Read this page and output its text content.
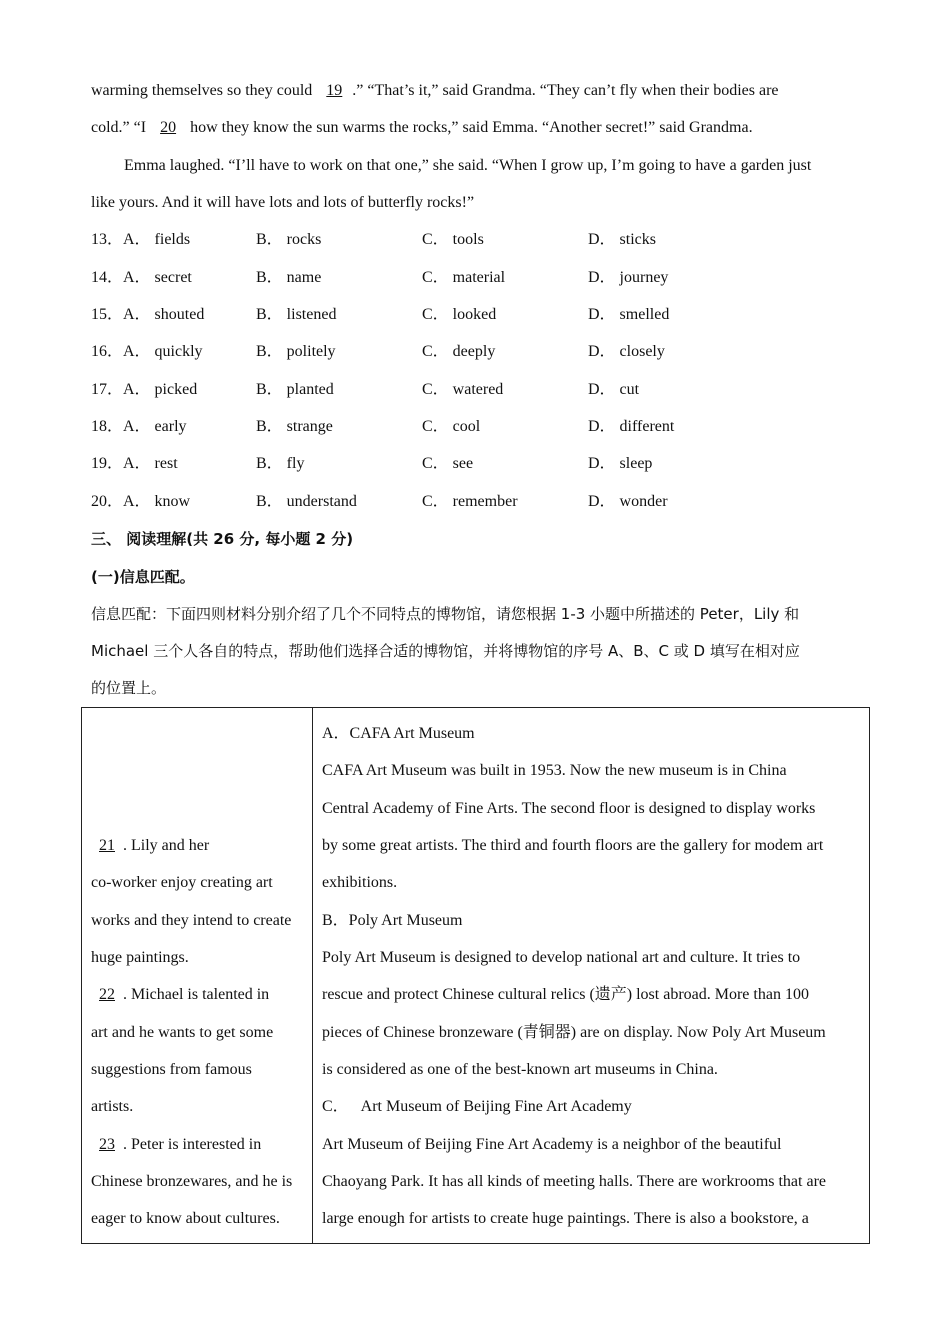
warming themselves so they could 19 .” “That’s it,” said Grandma. “They can’t fly when their bodies are
cold.” “I 20 how they know the sun warms the rocks,” said Emma. “Another secret!” said Grandma.
Emma laughed. “I’ll have to work on that one,” she said. “When I grow up, I’m going to have a garden just
like yours. And it will have lots and lots of butterfly rocks!”
13． A． fields	B． rocks	C． tools	D． sticks
14． A． secret	B． name	C． material	D． journey
15． A． shouted	B． listened	C． looked	D． smelled
16． A． quickly	B． politely	C． deeply	D． closely
17． A． picked	B． planted	C． watered	D． cut
18． A． early	B． strange	C． cool	D． different
19． A． rest	B． fly	C． see	D． sleep
20． A． know	B． understand	C． remember	D． wonder
三、 阅读理解(共 26 分, 每小题 2 分)
(一)信息匹配。
信息匹配：下面四则材料分别介绍了几个不同特点的博物馆，请您根据 1-3 小题中所描述的 Peter，Lily 和
Michael 三个人各自的特点，帮助他们选择合适的博物馆，并将博物馆的序号 A、B、C 或 D 填写在相对应
的位置上。
21 . Lily and her
co-worker enjoy creating art
works and they intend to create
huge paintings.
22 . Michael is talented in
art and he wants to get some
suggestions from famous
artists.
23 . Peter is interested in
Chinese bronzewares, and he is
eager to know about cultures.

A．CAFA Art Museum
CAFA Art Museum was built in 1953. Now the new museum is in China
Central Academy of Fine Arts. The second floor is designed to display works
by some great artists. The third and fourth floors are the gallery for modem art
exhibitions.
B．Poly Art Museum
Poly Art Museum is designed to develop national art and culture. It tries to
rescue and protect Chinese cultural relics (遗产) lost abroad. More than 100
pieces of Chinese bronzeware (青铜器) are on display. Now Poly Art Museum
is considered as one of the best-known art museums in China.
C．   Art Museum of Beijing Fine Art Academy
Art Museum of Beijing Fine Art Academy is a neighbor of the beautiful
Chaoyang Park. It has all kinds of meeting halls. There are workrooms that are
large enough for artists to create huge paintings. There is also a bookstore, a
